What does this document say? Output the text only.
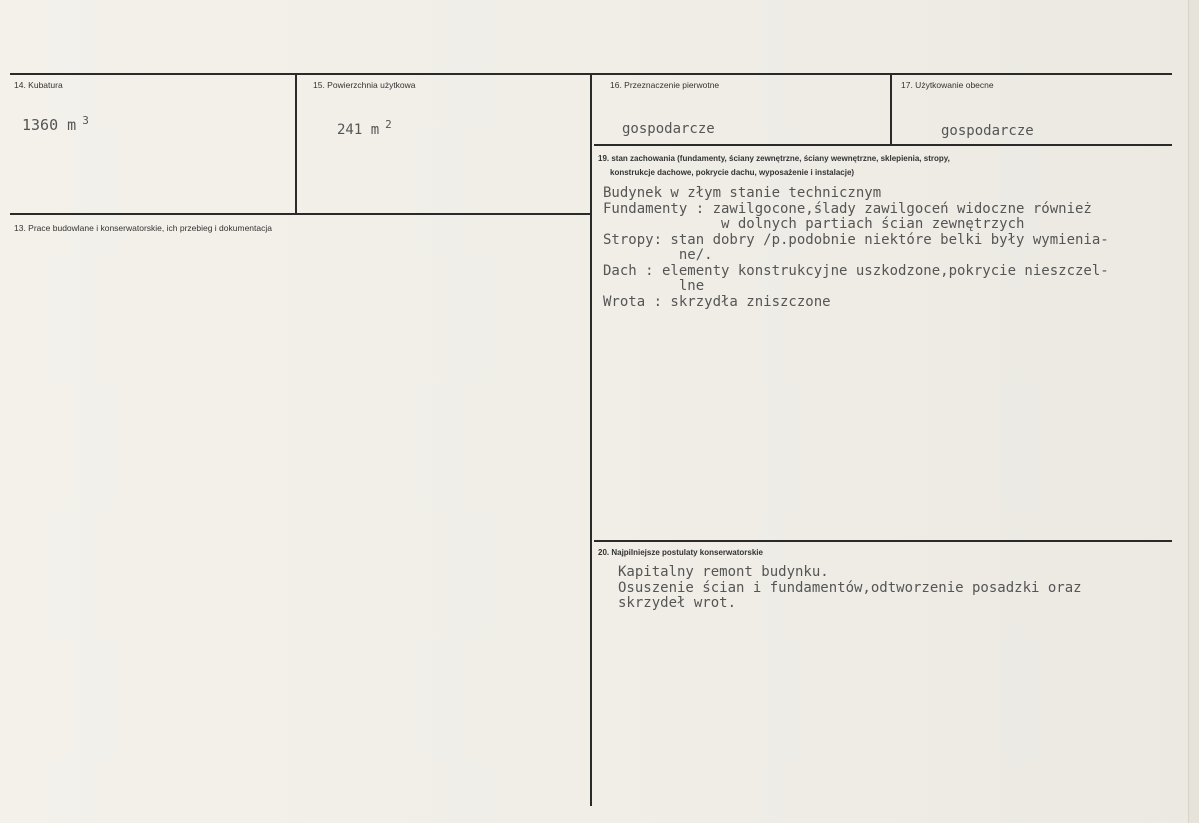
14. Kubatura
1360 m $^3$
15. Powierzchnia użytkowa
241 m $^2$
16. Przeznaczenie pierwotne
gospodarcze
17. Użytkowanie obecne
gospodarcze
13. Prace budowlane i konserwatorskie, ich przebieg i dokumentacja
19. stan zachowania (fundamenty, ściany zewnętrzne, ściany wewnętrzne, sklepienia, stropy,
konstrukcje dachowe, pokrycie dachu, wyposażenie i instalacje)
Budynek w złym stanie technicznym
Fundamenty : zawilgocone,ślady zawilgoceń widoczne również
w dolnych partiach ścian zewnętrzych
Stropy: stan dobry /p.podobnie niektóre belki były wymienia-
ne/.
Dach : elementy konstrukcyjne uszkodzone,pokrycie nieszczel-
lne
Wrota : skrzydła zniszczone
20. Najpilniejsze postulaty konserwatorskie
Kapitalny remont budynku.
Osuszenie ścian i fundamentów,odtworzenie posadzki oraz
skrzydeł wrot.
